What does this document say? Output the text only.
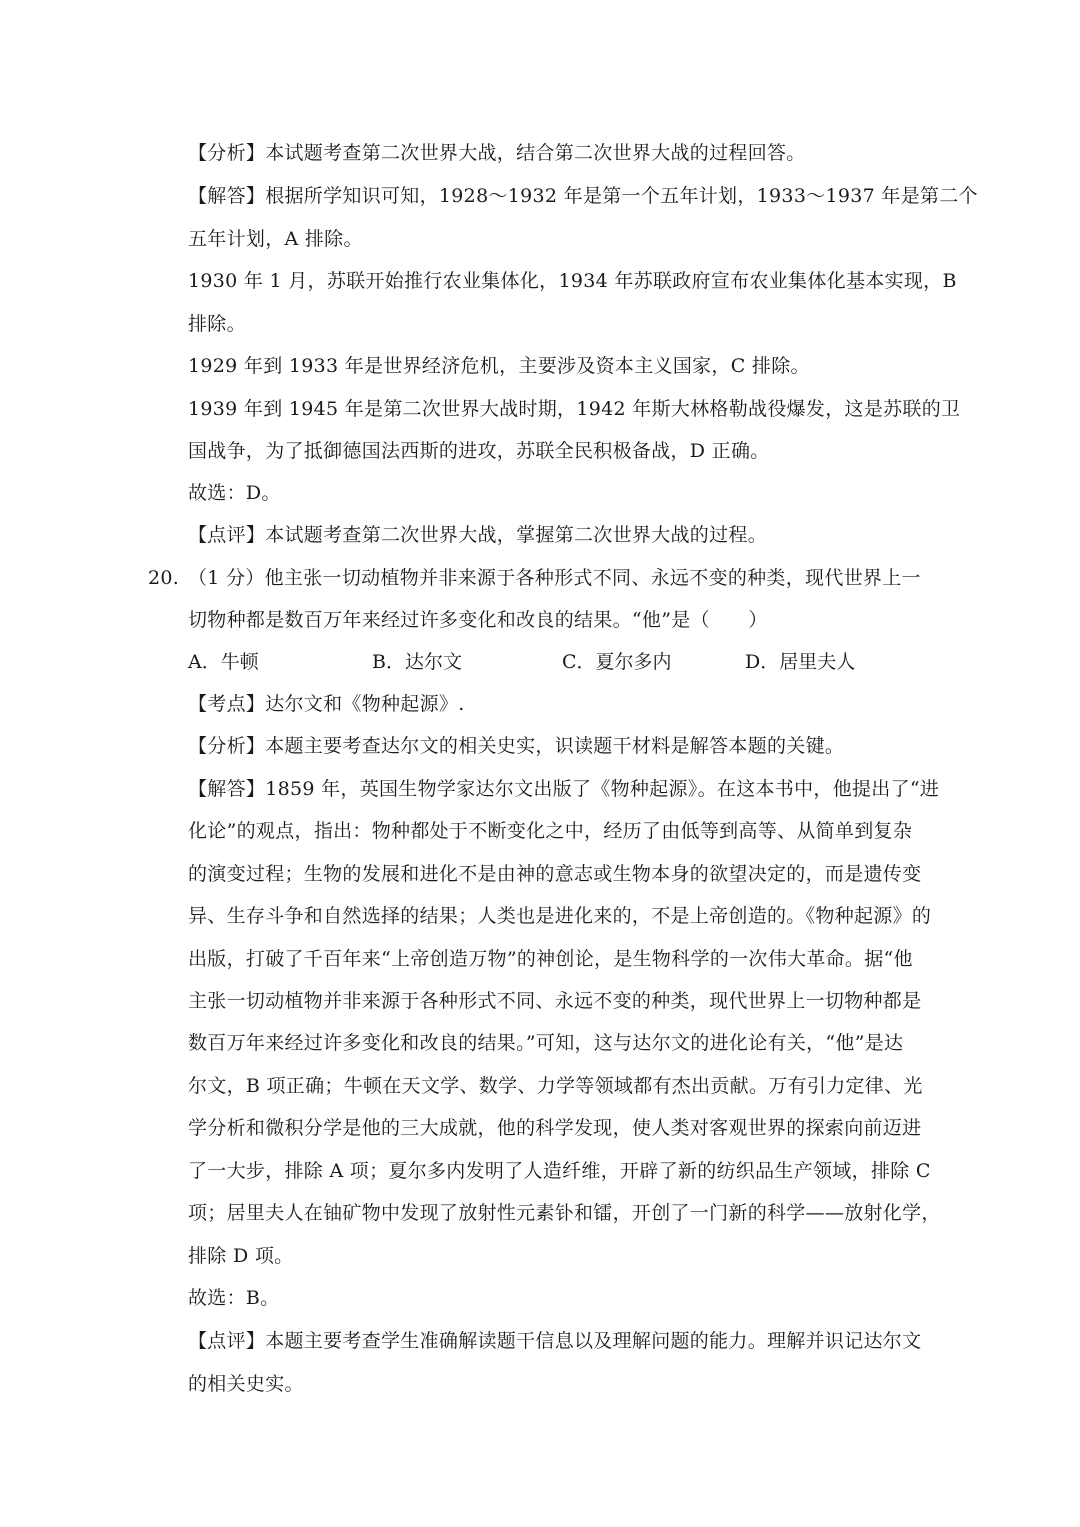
【分析】本试题考查第二次世界大战，结合第二次世界大战的过程回答。
【解答】根据所学知识可知，1928～1932 年是第一个五年计划，1933～1937 年是第二个
五年计划，A 排除。
1930 年 1 月，苏联开始推行农业集体化，1934 年苏联政府宣布农业集体化基本实现，B
排除。
1929 年到 1933 年是世界经济危机，主要涉及资本主义国家，C 排除。
1939 年到 1945 年是第二次世界大战时期，1942 年斯大林格勒战役爆发，这是苏联的卫
国战争，为了抵御德国法西斯的进攻，苏联全民积极备战，D 正确。
故选：D。
【点评】本试题考查第二次世界大战，掌握第二次世界大战的过程。
20. （1 分）他主张一切动植物并非来源于各种形式不同、永远不变的种类，现代世界上一
切物种都是数百万年来经过许多变化和改良的结果。“他”是（　　）
A．牛顿	B．达尔文	C．夏尔多内	D．居里夫人
【考点】达尔文和《物种起源》.
【分析】本题主要考查达尔文的相关史实，识读题干材料是解答本题的关键。
【解答】1859 年，英国生物学家达尔文出版了《物种起源》。在这本书中，他提出了“进
化论”的观点，指出：物种都处于不断变化之中，经历了由低等到高等、从简单到复杂
的演变过程；生物的发展和进化不是由神的意志或生物本身的欲望决定的，而是遗传变
异、生存斗争和自然选择的结果；人类也是进化来的，不是上帝创造的。《物种起源》的
出版，打破了千百年来“上帝创造万物”的神创论，是生物科学的一次伟大革命。据“他
主张一切动植物并非来源于各种形式不同、永远不变的种类，现代世界上一切物种都是
数百万年来经过许多变化和改良的结果。”可知，这与达尔文的进化论有关，“他”是达
尔文，B 项正确；牛顿在天文学、数学、力学等领域都有杰出贡献。万有引力定律、光
学分析和微积分学是他的三大成就，他的科学发现，使人类对客观世界的探索向前迈进
了一大步，排除 A 项；夏尔多内发明了人造纤维，开辟了新的纺织品生产领域，排除 C
项；居里夫人在铀矿物中发现了放射性元素钋和镭，开创了一门新的科学——放射化学，
排除 D 项。
故选：B。
【点评】本题主要考查学生准确解读题干信息以及理解问题的能力。理解并识记达尔文
的相关史实。
